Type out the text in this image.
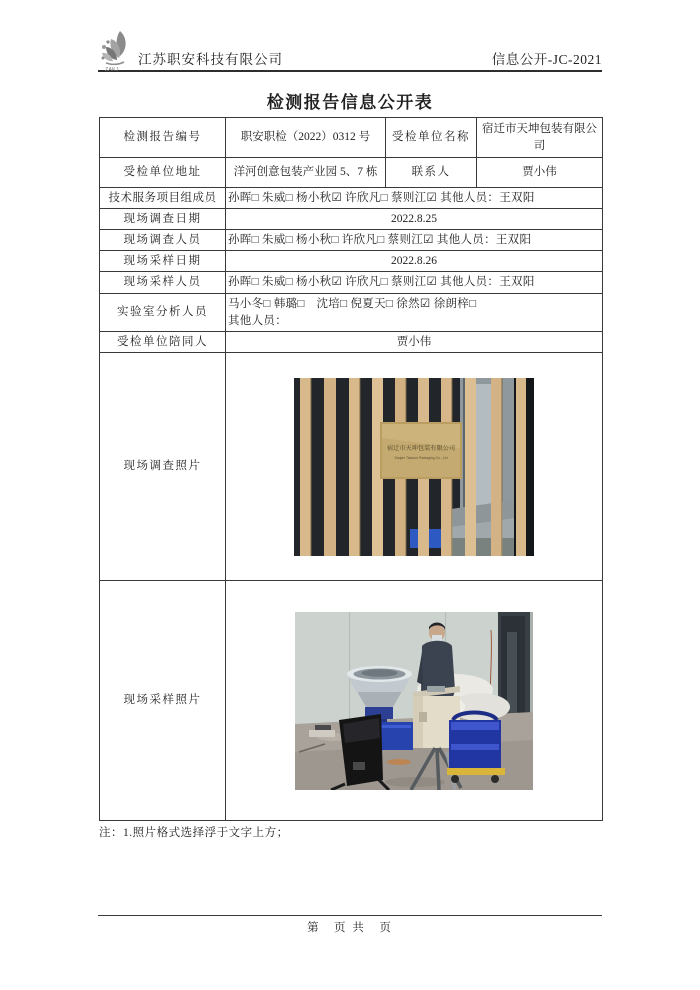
ZAKJ
江苏职安科技有限公司	信息公开-JC-2021
检测报告信息公开表
检测报告编号	职安职检（2022）0312 号	受检单位名称	宿迁市天坤包装有限公司
受检单位地址	洋河创意包装产业园 5、7 栋	联系人	贾小伟
技术服务项目组成员	孙晖□ 朱威□ 杨小秋☑ 许欣凡□ 蔡则江☑ 其他人员：王双阳		
现场调查日期	2022.8.25		
现场调查人员	孙晖□ 朱威□ 杨小秋□ 许欣凡□ 蔡则江☑ 其他人员：王双阳		
现场采样日期	2022.8.26		
现场采样人员	孙晖□ 朱威□ 杨小秋☑ 许欣凡□ 蔡则江☑ 其他人员：王双阳		
实验室分析人员	马小冬□ 韩璐□　沈培□ 倪夏天□ 徐然☑ 徐朗梓□
其他人员：		

受检单位陪同人	贾小伟		
现场调查照片	宿迁市天坤包装有限公司
Suqian Tiankun Packaging Co., Ltd		

现场采样照片	
注：1.照片格式选择浮于文字上方；
第　页 共　页
